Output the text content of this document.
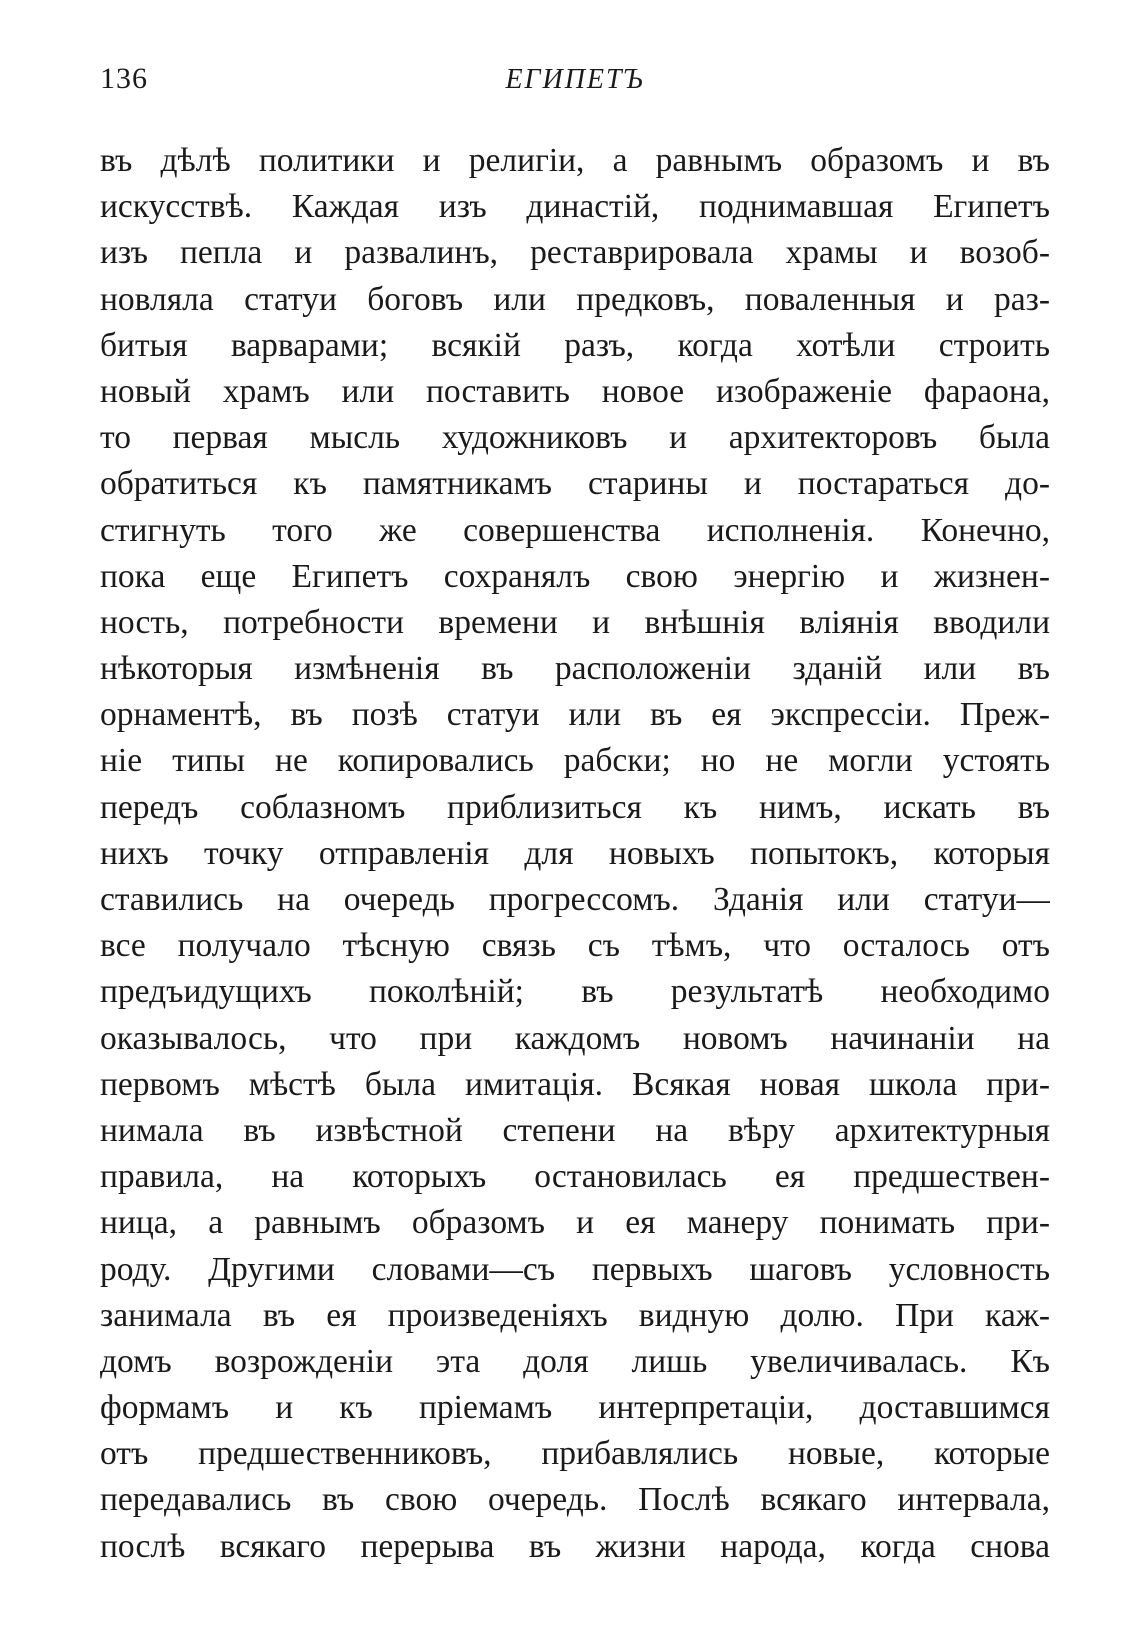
136	ЕГИПЕТЪ
въ дѣлѣ политики и религіи, а равнымъ образомъ и въ
искусствѣ. Каждая изъ династій, поднимавшая Египетъ
изъ пепла и развалинъ, реставрировала храмы и возоб-
новляла статуи боговъ или предковъ, поваленныя и раз-
битыя варварами; всякій разъ, когда хотѣли строить
новый храмъ или поставить новое изображеніе фараона,
то первая мысль художниковъ и архитекторовъ была
обратиться къ памятникамъ старины и постараться до-
стигнуть того же совершенства исполненія. Конечно,
пока еще Египетъ сохранялъ свою энергію и жизнен-
ность, потребности времени и внѣшнія вліянія вводили
нѣкоторыя измѣненія въ расположеніи зданій или въ
орнаментѣ, въ позѣ статуи или въ ея экспрессіи. Преж-
ніе типы не копировались рабски; но не могли устоять
передъ соблазномъ приблизиться къ нимъ, искать въ
нихъ точку отправленія для новыхъ попытокъ, которыя
ставились на очередь прогрессомъ. Зданія или статуи—
все получало тѣсную связь съ тѣмъ, что осталось отъ
предъидущихъ поколѣній; въ результатѣ необходимо
оказывалось, что при каждомъ новомъ начинаніи на
первомъ мѣстѣ была имитація. Всякая новая школа при-
нимала въ извѣстной степени на вѣру архитектурныя
правила, на которыхъ остановилась ея предшествен-
ница, а равнымъ образомъ и ея манеру понимать при-
роду. Другими словами—съ первыхъ шаговъ условность
занимала въ ея произведеніяхъ видную долю. При каж-
домъ возрожденіи эта доля лишь увеличивалась. Къ
формамъ и къ пріемамъ интерпретаціи, доставшимся
отъ предшественниковъ, прибавлялись новые, которые
передавались въ свою очередь. Послѣ всякаго интервала,
послѣ всякаго перерыва въ жизни народа, когда снова
